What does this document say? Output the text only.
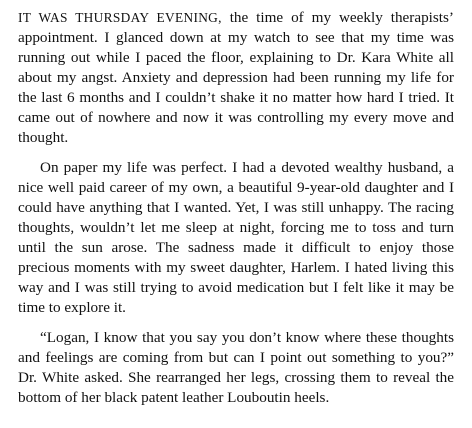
IT WAS THURSDAY EVENING, the time of my weekly therapists’ appointment. I glanced down at my watch to see that my time was running out while I paced the floor, explaining to Dr. Kara White all about my angst. Anxiety and depression had been running my life for the last 6 months and I couldn’t shake it no matter how hard I tried. It came out of nowhere and now it was controlling my every move and thought.

On paper my life was perfect. I had a devoted wealthy husband, a nice well paid career of my own, a beautiful 9-year-old daughter and I could have anything that I wanted. Yet, I was still unhappy. The racing thoughts, wouldn’t let me sleep at night, forcing me to toss and turn until the sun arose. The sadness made it difficult to enjoy those precious moments with my sweet daughter, Harlem. I hated living this way and I was still trying to avoid medication but I felt like it may be time to explore it.

“Logan, I know that you say you don’t know where these thoughts and feelings are coming from but can I point out something to you?” Dr. White asked. She rearranged her legs, crossing them to reveal the bottom of her black patent leather Louboutin heels.
